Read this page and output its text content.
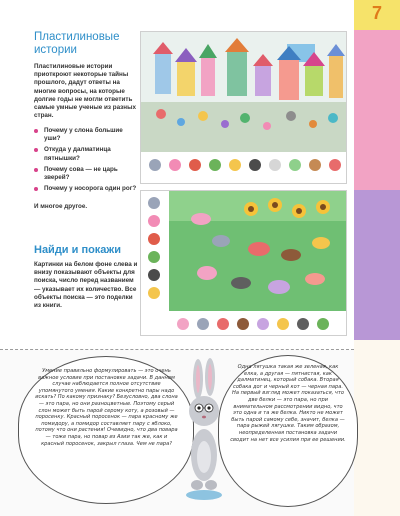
7
Пластилиновые
истории
Пластилиновые истории приоткроют некоторые тайны прошлого, дадут ответы на многие вопросы, на которые долгие годы не могли ответить самые умные ученые из разных стран.
Почему у слона большие уши?
Откуда у далматинца пятнышки?
Почему сова — не царь зверей?
Почему у носорога один рог?
И многое другое.
Найди и покажи
Картинки на белом фоне слева и внизу показывают объекты для поиска, число перед названием — указывает их количество. Все объекты поиска — это поделки из книги.
Умение правильно формулировать — это очень важное условие при постановке задачи. В данном случае наблюдается полное отсутствие упомянутого умения. Какие конкретно пары надо искать? По какому признаку? Безусловно, два слона — это пара, но они разноцветные. Поэтому серый слон может быть парой серому коту, а розовый — поросенку. Красный поросенок — пара красному же помидору, а помидор составляет пару с яблоко, потому что они растения! Очевидно, что два повара — тоже пара, но повар из Азии так же, как и красный поросенок, закрыл глаза. Чем не пара?
Одна лягушка такая же зеленая, как елка, а другая — пятнистая, как далматинец, который собака. Вторая собака дог и черный кот — черная пара. На первый взгляд может показаться, что две белки — это пара, но при внимательном рассмотрении видно, что это одна и та же белка. Никто не может быть парой самому себе, значит, белка — пара рыжей лягушке. Таким образом, неопределенная постановка задачи сводит на нет все усилия при ее решении.
